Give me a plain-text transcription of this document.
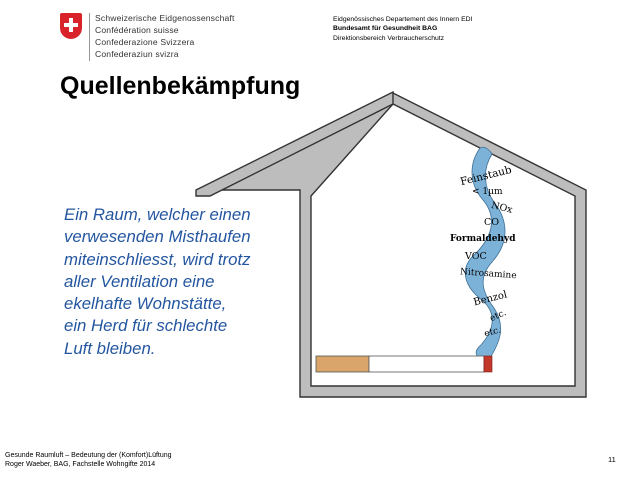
Schweizerische Eidgenossenschaft
Confédération suisse
Confederazione Svizzera
Confederaziun svizra
Eidgenössisches Departement des Innern EDI
Bundesamt für Gesundheit BAG
Direktionsbereich Verbraucherschutz
Quellenbekämpfung
Feinstaub
< 1µm
NOx
CO
Formaldehyd
VOC
Nitrosamine
Benzol
etc.
etc.
Ein Raum, welcher einen
verwesenden Misthaufen
miteinschliesst, wird trotz
aller Ventilation eine
ekelhafte Wohnstätte,
ein Herd für schlechte
Luft bleiben.
Gesunde Raumluft – Bedeutung der (Komfort)Lüftung
Roger Waeber, BAG, Fachstelle Wohngifte 2014
11
